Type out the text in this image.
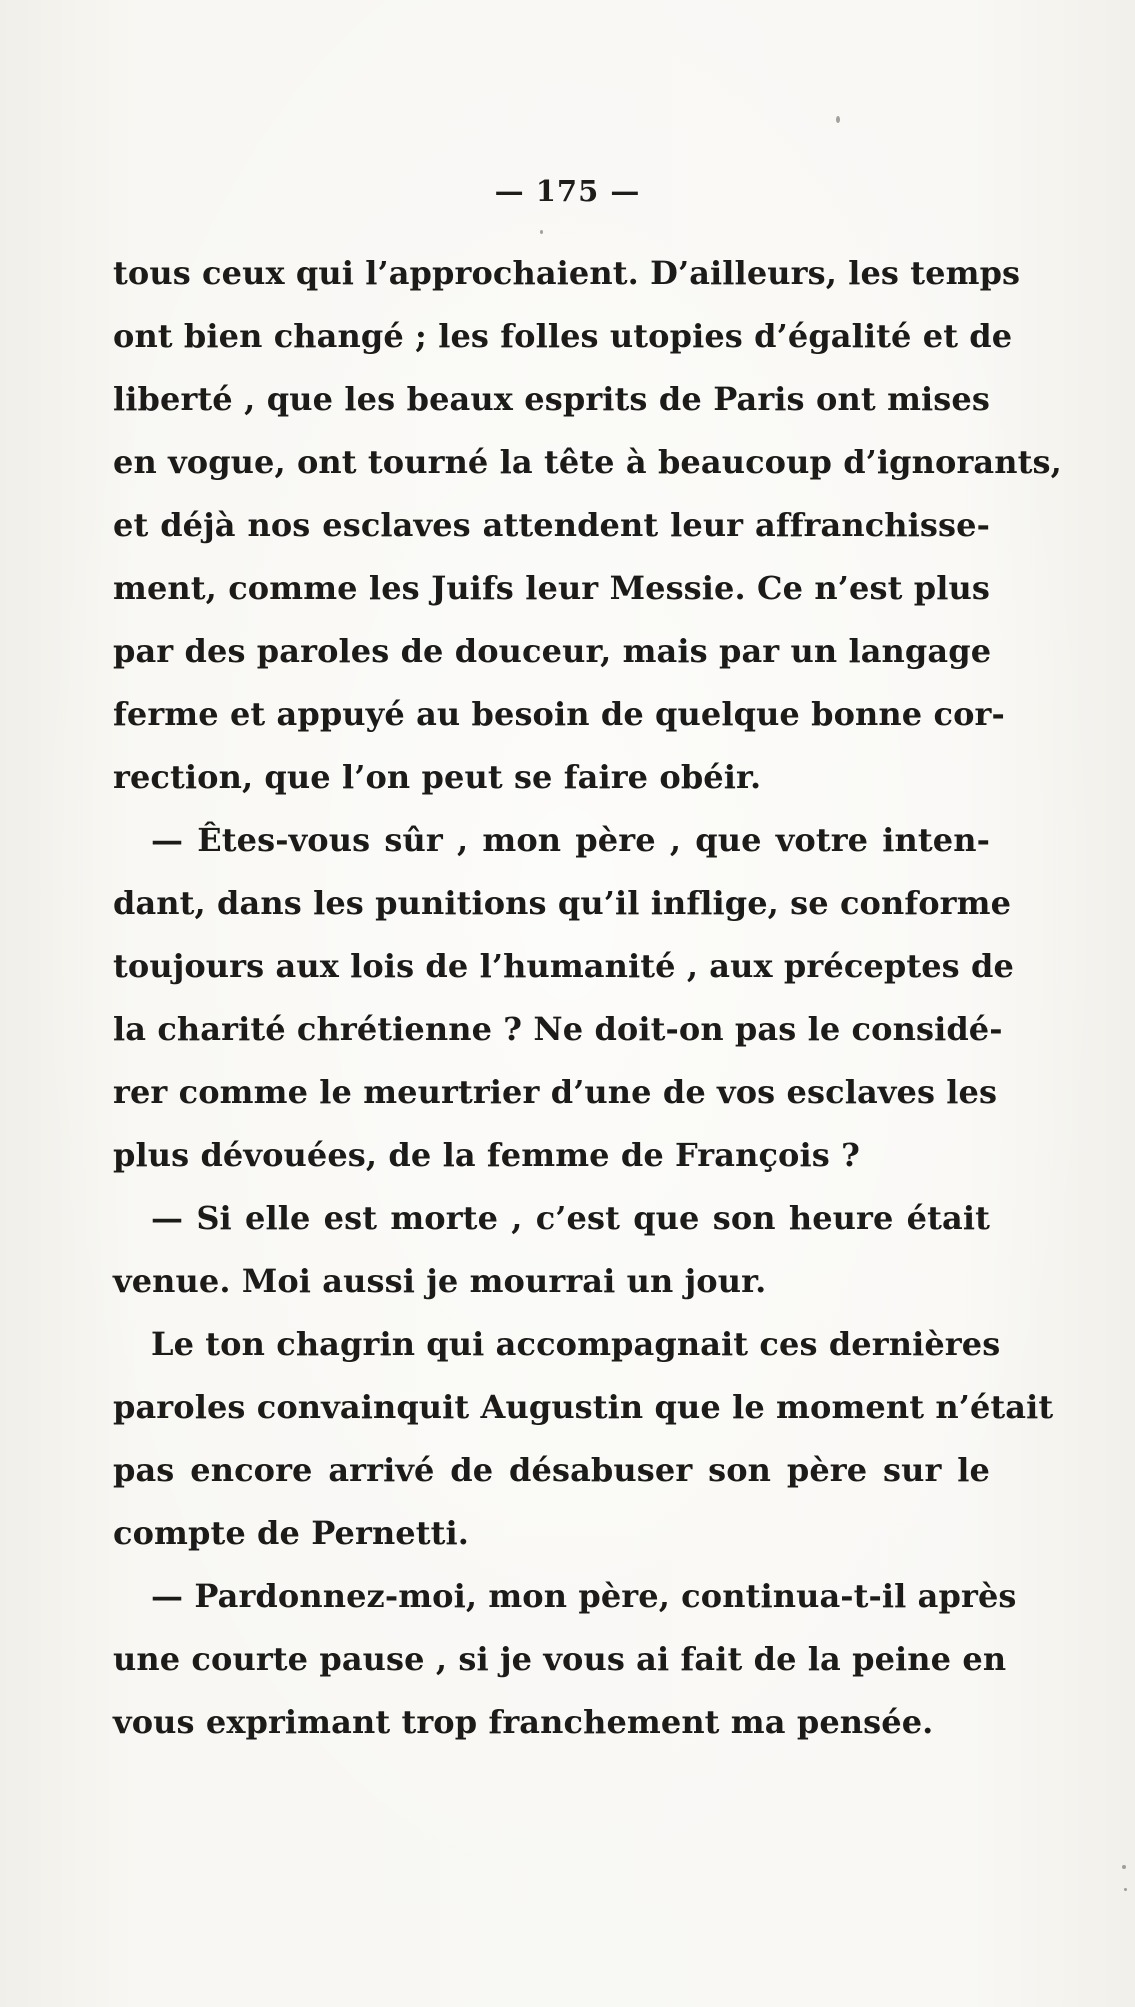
— 175 —
tous ceux qui l’approchaient. D’ailleurs, les temps
ont bien changé ; les folles utopies d’égalité et de
liberté , que les beaux esprits de Paris ont mises
en vogue, ont tourné la tête à beaucoup d’ignorants,
et déjà nos esclaves attendent leur affranchisse-
ment, comme les Juifs leur Messie. Ce n’est plus
par des paroles de douceur, mais par un langage
ferme et appuyé au besoin de quelque bonne cor-
rection, que l’on peut se faire obéir.
— Êtes-vous sûr , mon père , que votre inten-
dant, dans les punitions qu’il inflige, se conforme
toujours aux lois de l’humanité , aux préceptes de
la charité chrétienne ? Ne doit-on pas le considé-
rer comme le meurtrier d’une de vos esclaves les
plus dévouées, de la femme de François ?
— Si elle est morte , c’est que son heure était
venue. Moi aussi je mourrai un jour.
Le ton chagrin qui accompagnait ces dernières
paroles convainquit Augustin que le moment n’était
pas encore arrivé de désabuser son père sur le
compte de Pernetti.
— Pardonnez-moi, mon père, continua-t-il après
une courte pause , si je vous ai fait de la peine en
vous exprimant trop franchement ma pensée.
